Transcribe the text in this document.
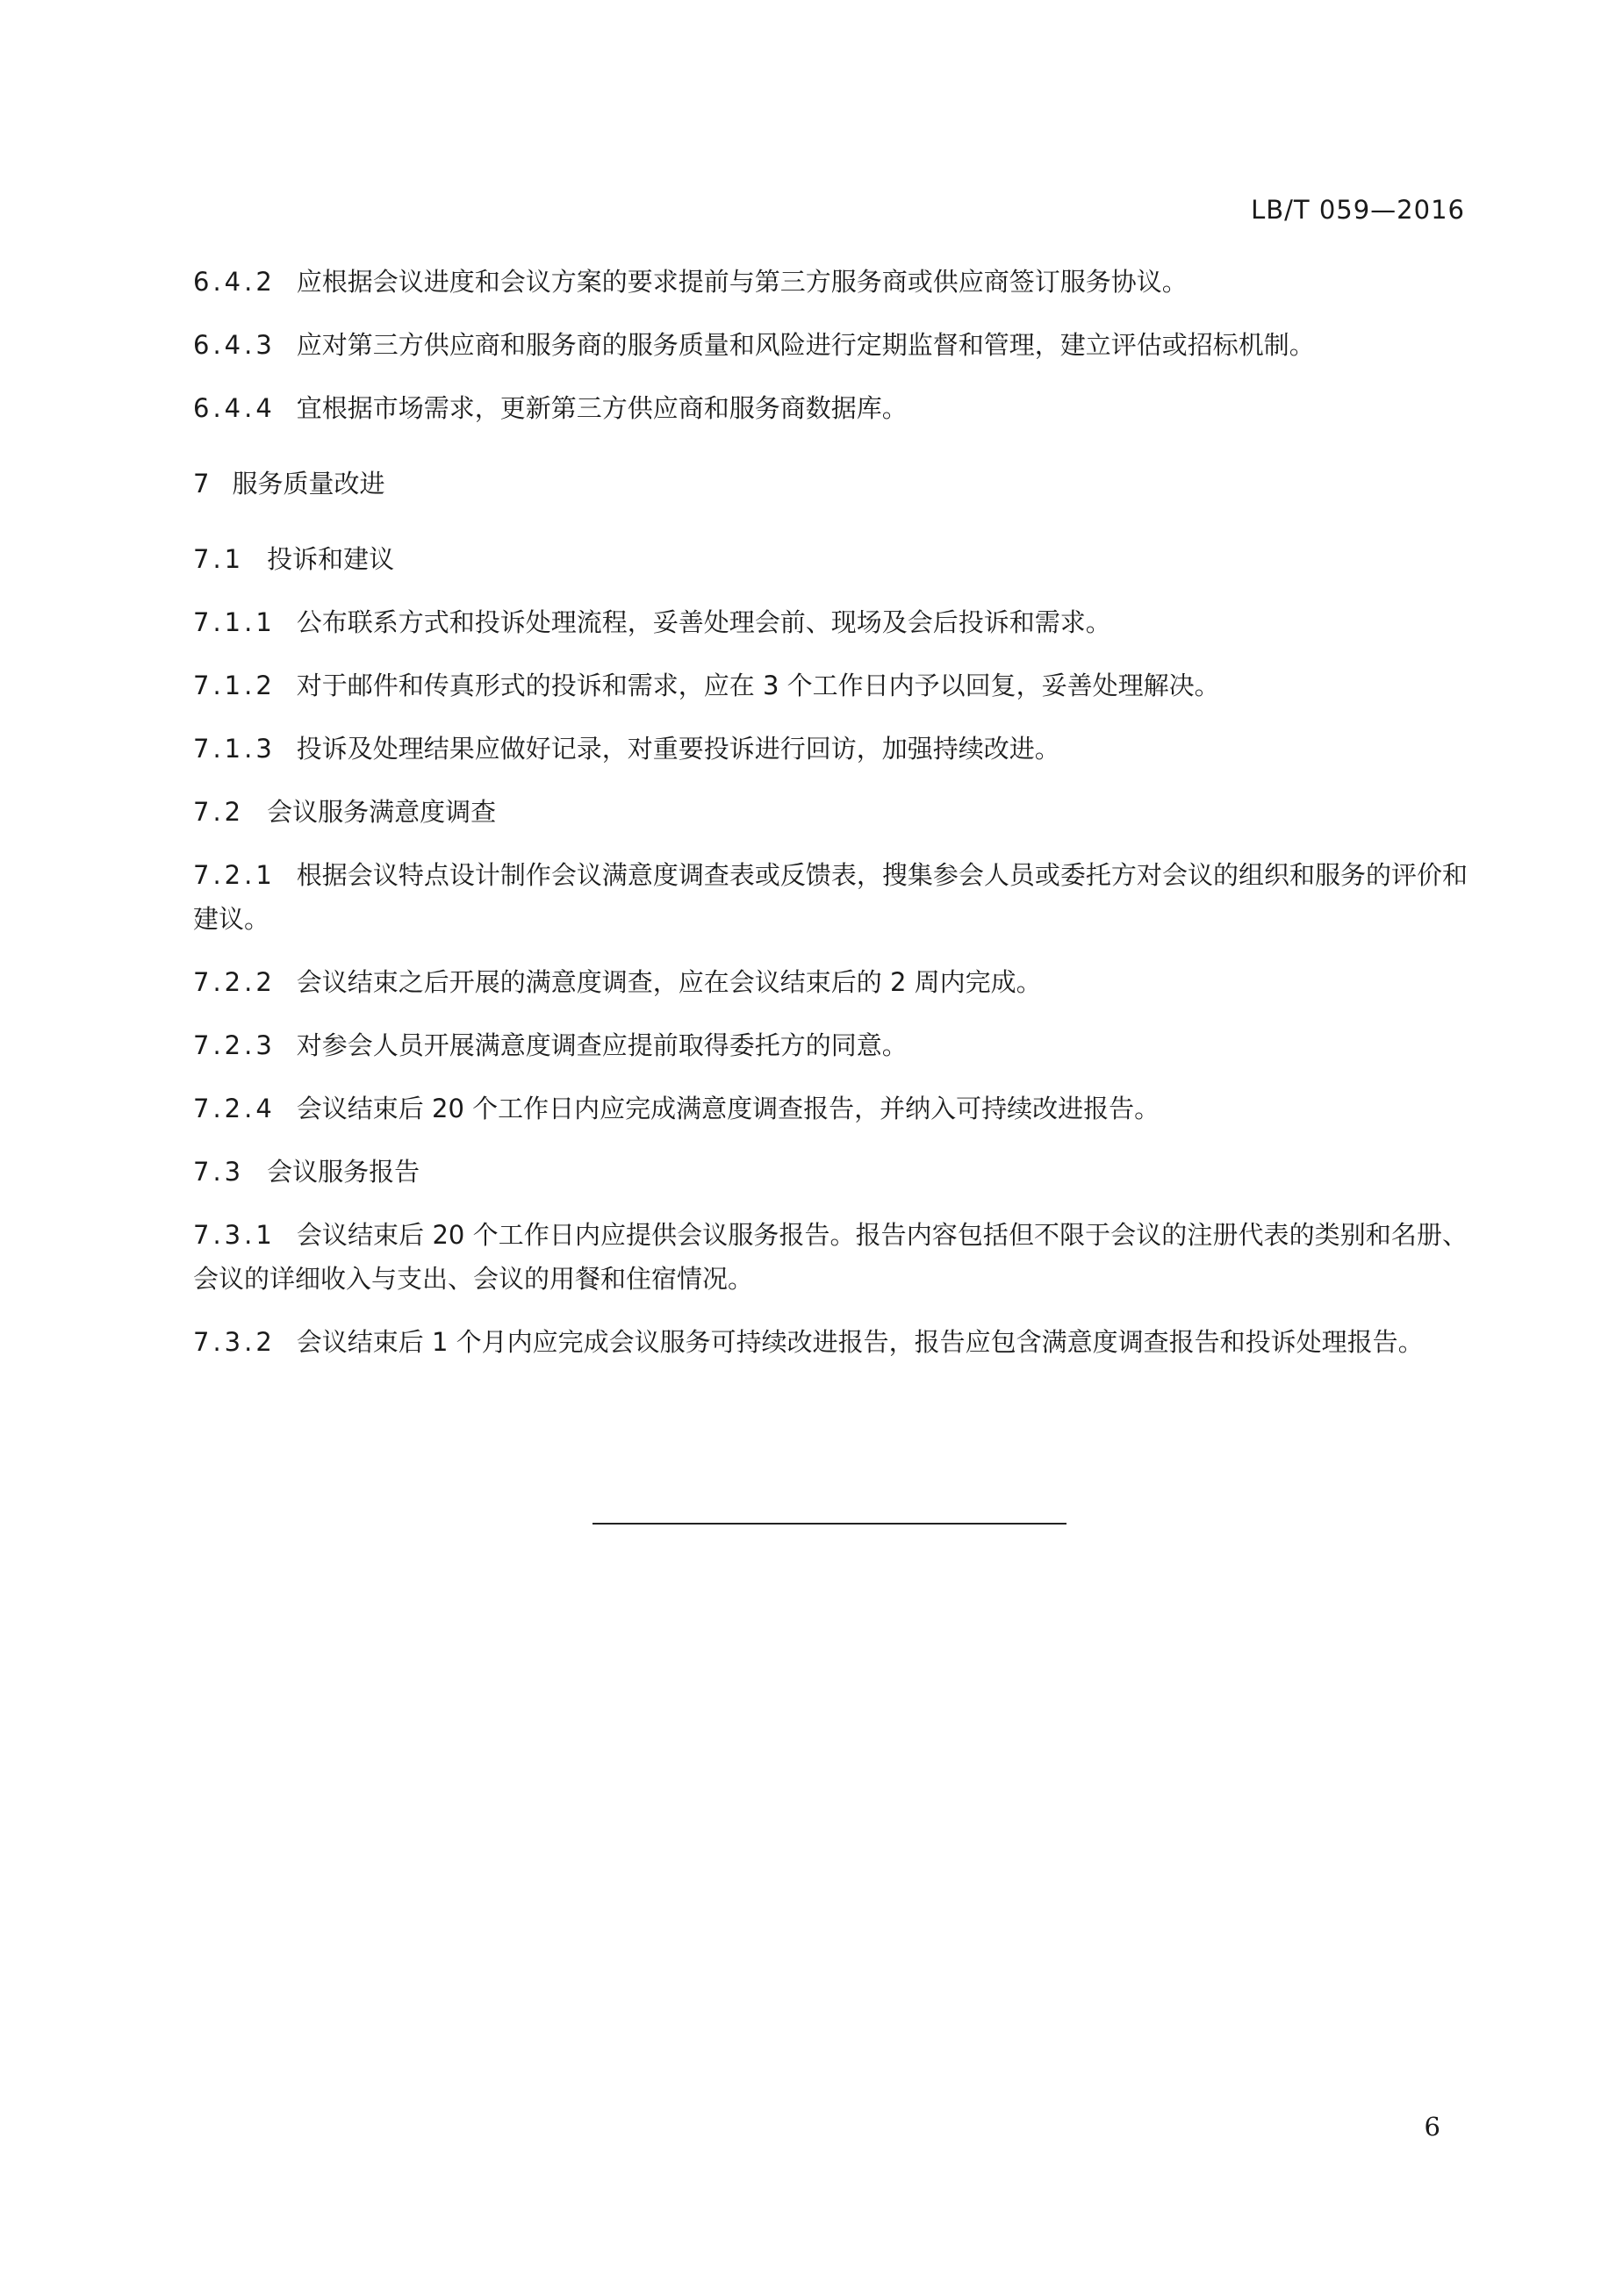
LB/T 059—2016

6.4.2 应根据会议进度和会议方案的要求提前与第三方服务商或供应商签订服务协议。

6.4.3 应对第三方供应商和服务商的服务质量和风险进行定期监督和管理，建立评估或招标机制。

6.4.4 宜根据市场需求，更新第三方供应商和服务商数据库。

7 服务质量改进

7.1 投诉和建议

7.1.1 公布联系方式和投诉处理流程，妥善处理会前、现场及会后投诉和需求。

7.1.2 对于邮件和传真形式的投诉和需求，应在 3 个工作日内予以回复，妥善处理解决。

7.1.3 投诉及处理结果应做好记录，对重要投诉进行回访，加强持续改进。

7.2 会议服务满意度调查

7.2.1 根据会议特点设计制作会议满意度调查表或反馈表，搜集参会人员或委托方对会议的组织和服务的评价和建议。

7.2.2 会议结束之后开展的满意度调查，应在会议结束后的 2 周内完成。

7.2.3 对参会人员开展满意度调查应提前取得委托方的同意。

7.2.4 会议结束后 20 个工作日内应完成满意度调查报告，并纳入可持续改进报告。

7.3 会议服务报告

7.3.1 会议结束后 20 个工作日内应提供会议服务报告。报告内容包括但不限于会议的注册代表的类别和名册、会议的详细收入与支出、会议的用餐和住宿情况。

7.3.2 会议结束后 1 个月内应完成会议服务可持续改进报告，报告应包含满意度调查报告和投诉处理报告。

6
